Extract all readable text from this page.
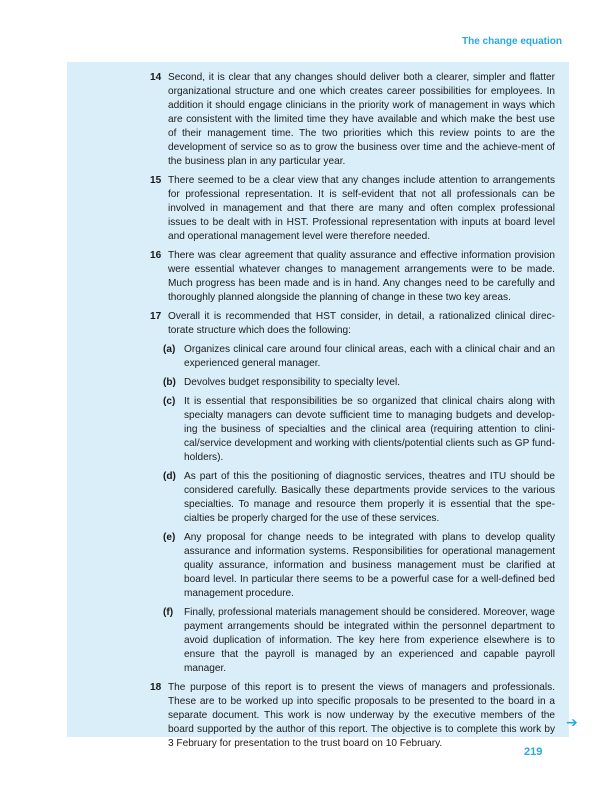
The change equation
14 Second, it is clear that any changes should deliver both a clearer, simpler and flatter organizational structure and one which creates career possibilities for employees. In addition it should engage clinicians in the priority work of management in ways which are consistent with the limited time they have available and which make the best use of their management time. The two priorities which this review points to are the development of service so as to grow the business over time and the achieve-ment of the business plan in any particular year.

15 There seemed to be a clear view that any changes include attention to arrangements for professional representation. It is self-evident that not all professionals can be involved in management and that there are many and often complex professional issues to be dealt with in HST. Professional representation with inputs at board level and operational management level were therefore needed.

16 There was clear agreement that quality assurance and effective information provision were essential whatever changes to management arrangements were to be made. Much progress has been made and is in hand. Any changes need to be carefully and thoroughly planned alongside the planning of change in these two key areas.

17 Overall it is recommended that HST consider, in detail, a rationalized clinical direc-torate structure which does the following:

(a) Organizes clinical care around four clinical areas, each with a clinical chair and an experienced general manager.

(b) Devolves budget responsibility to specialty level.

(c) It is essential that responsibilities be so organized that clinical chairs along with specialty managers can devote sufficient time to managing budgets and develop-ing the business of specialties and the clinical area (requiring attention to clini-cal/service development and working with clients/potential clients such as GP fund-holders).

(d) As part of this the positioning of diagnostic services, theatres and ITU should be considered carefully. Basically these departments provide services to the various specialties. To manage and resource them properly it is essential that the spe-cialties be properly charged for the use of these services.

(e) Any proposal for change needs to be integrated with plans to develop quality assurance and information systems. Responsibilities for operational management quality assurance, information and business management must be clarified at board level. In particular there seems to be a powerful case for a well-defined bed management procedure.

(f) Finally, professional materials management should be considered. Moreover, wage payment arrangements should be integrated within the personnel department to avoid duplication of information. The key here from experience elsewhere is to ensure that the payroll is managed by an experienced and capable payroll manager.

18 The purpose of this report is to present the views of managers and professionals. These are to be worked up into specific proposals to be presented to the board in a separate document. This work is now underway by the executive members of the board supported by the author of this report. The objective is to complete this work by 3 February for presentation to the trust board on 10 February.

➔
219
